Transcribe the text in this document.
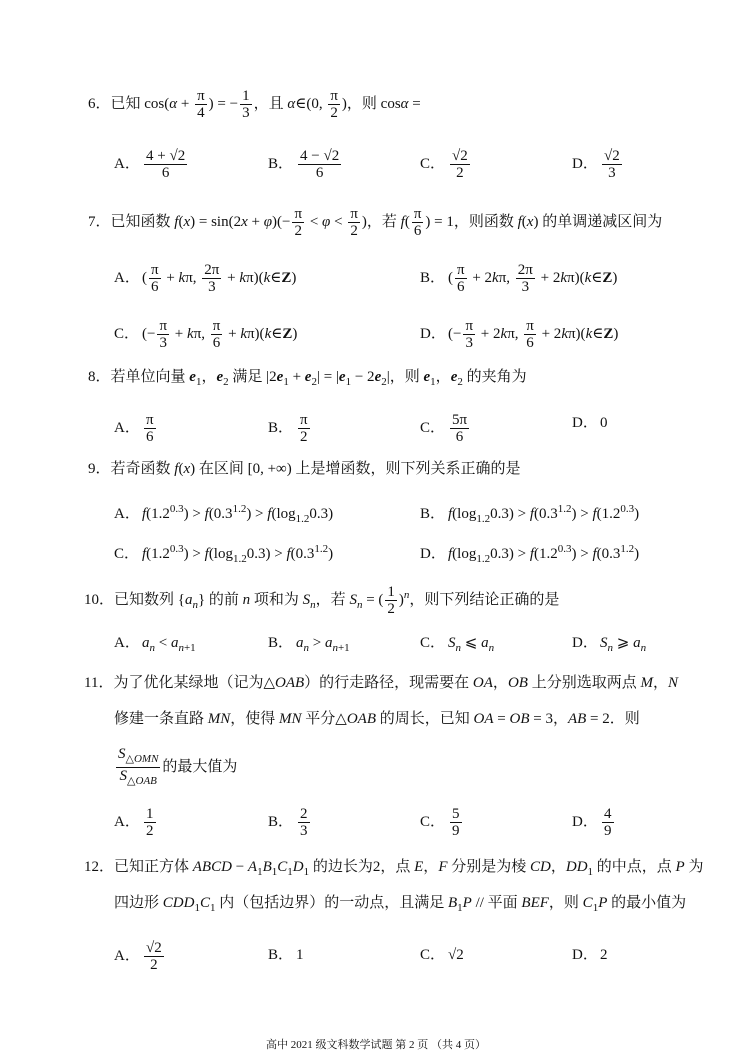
6．已知 $\cos(\alpha + \frac{\pi}{4}$ ) = − $\frac{1}{3}$ ，且 α∈(0, $\frac{\pi}{2}$ )，则 cosα =
A． $\frac{4 + √2}{6}$	B． $\frac{4 - √2}{6}$	C． $\frac{√2}{2}$	D． $\frac{√2}{3}$
7．已知函数 $f(x) = \sin(2x + \varphi)(- \frac{\pi}{2} < \varphi < \frac{\pi}{2}$ )，若 $f( \frac{\pi}{6}$ ) = 1，则函数 f(x) 的单调递减区间为
A． ( $\frac{\pi}{6} + k\pi$, $\frac{2\pi}{3}$ + kπ)(k∈Z)	B． ( $\frac{\pi}{6} + 2k\pi$, $\frac{2\pi}{3}$ + 2kπ)(k∈Z)
C． (− $\frac{\pi}{3} + k\pi$, $\frac{\pi}{6}$ + kπ)(k∈Z)	D． (− $\frac{\pi}{3} + 2k\pi$, $\frac{\pi}{6}$ + 2kπ)(k∈Z)
8．若单位向量 $e_1$，$e_2$ 满足 $|2e_1 + e_2| = |e_1 - 2e_2|$，则 $e_1$，$e_2$ 的夹角为
A． $\frac{\pi}{6}$	B． $\frac{\pi}{2}$	C． $\frac{5\pi}{6}$	D． 0
9．若奇函数 f(x) 在区间 [0, +∞) 上是增函数，则下列关系正确的是
A． $f(1.2^{0.3}) > f(0.3^{1.2}) > f(\log_{1.2}0.3)$	B． $f(\log_{1.2}0.3) > f(0.3^{1.2}) > f(1.2^{0.3})$
C． $f(1.2^{0.3}) > f(\log_{1.2}0.3) > f(0.3^{1.2})$	D． $f(\log_{1.2}0.3) > f(1.2^{0.3}) > f(0.3^{1.2})$
10．已知数列 $\{a_n\}$ 的前 n 项和为 $S_n$，若 $S_n$ = ( $\frac{1}{2} )^n$，则下列结论正确的是
A． $a_n < a_{n+1}$	B． $a_n > a_{n+1}$	C． $S_n$ ⩽ $a_n$	D． $S_n$ ⩾ $a_n$
11．为了优化某绿地（记为△OAB）的行走路径，现需要在 OA，OB 上分别选取两点 M，N
修建一条直路 MN，使得 MN 平分△OAB 的周长，已知 OA = OB = 3，AB = 2．则
$\frac{S_{\triangle OMN}}{S_{\triangle OAB}}$ 的最大值为
A． $\frac{1}{2}$	B． $\frac{2}{3}$	C． $\frac{5}{9}$	D． $\frac{4}{9}$
12．已知正方体 ABCD − $A_1B_1C_1D_1$ 的边长为2，点 E，F 分别是为棱 CD，$DD_1$ 的中点，点 P 为
四边形 $CDD_1C_1$ 内（包括边界）的一动点，且满足 $B_1P$ // 平面 BEF，则 $C_1P$ 的最小值为
A． $\frac{√2}{2}$	B． 1	C． √2	D． 2
高中 2021 级文科数学试题 第 2 页 （共 4 页）
